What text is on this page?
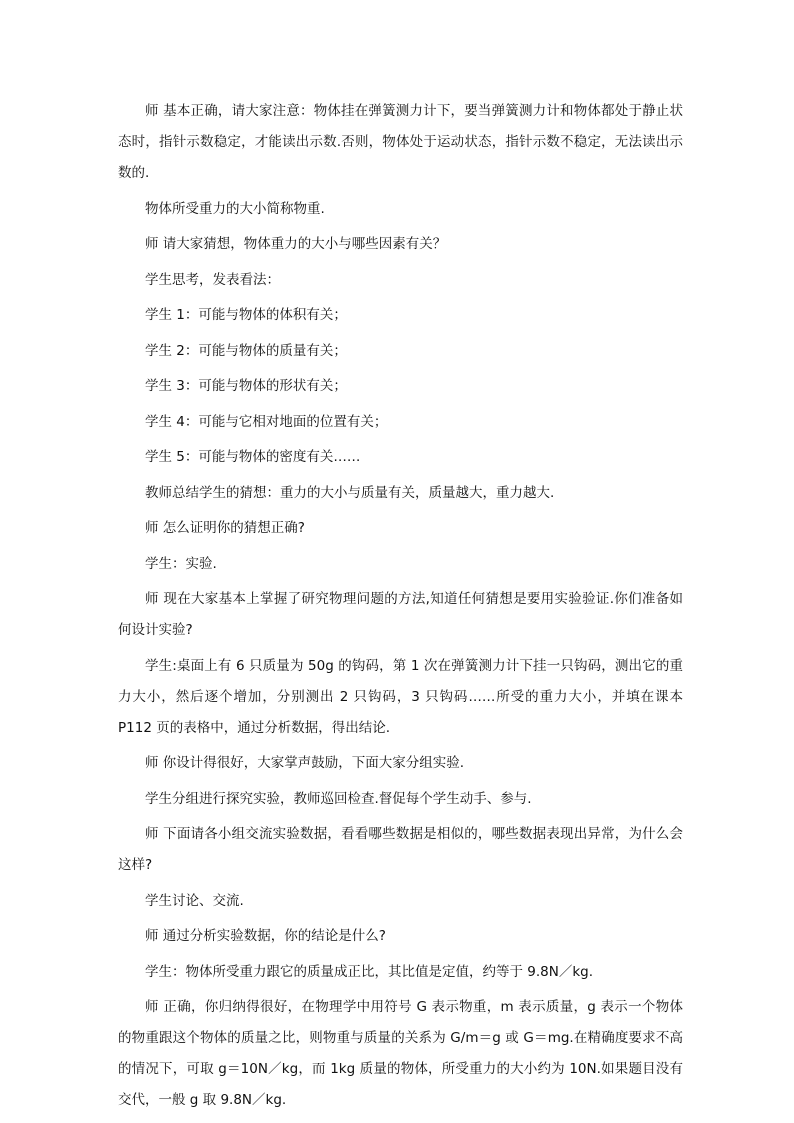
师 基本正确，请大家注意：物体挂在弹簧测力计下，要当弹簧测力计和物体都处于静止状态时，指针示数稳定，才能读出示数.否则，物体处于运动状态，指针示数不稳定，无法读出示数的.

物体所受重力的大小简称物重.

师 请大家猜想，物体重力的大小与哪些因素有关？

学生思考，发表看法：

学生 1：可能与物体的体积有关；

学生 2：可能与物体的质量有关；

学生 3：可能与物体的形状有关；

学生 4：可能与它相对地面的位置有关；

学生 5：可能与物体的密度有关……

教师总结学生的猜想：重力的大小与质量有关，质量越大，重力越大.

师 怎么证明你的猜想正确?

学生：实验.

师 现在大家基本上掌握了研究物理问题的方法,知道任何猜想是要用实验验证.你们准备如何设计实验?

学生:桌面上有 6 只质量为 50g 的钩码，第 1 次在弹簧测力计下挂一只钩码，测出它的重力大小，然后逐个增加，分别测出 2 只钩码，3 只钩码……所受的重力大小，并填在课本 P112 页的表格中，通过分析数据，得出结论.

师 你设计得很好，大家掌声鼓励，下面大家分组实验.

学生分组进行探究实验，教师巡回检查.督促每个学生动手、参与.

师 下面请各小组交流实验数据，看看哪些数据是相似的，哪些数据表现出异常，为什么会这样?

学生讨论、交流.

师 通过分析实验数据，你的结论是什么?

学生：物体所受重力跟它的质量成正比，其比值是定值，约等于 9.8N／kg.

师 正确，你归纳得很好，在物理学中用符号 G 表示物重，m 表示质量，g 表示一个物体的物重跟这个物体的质量之比，则物重与质量的关系为 G/m＝g 或 G＝mg.在精确度要求不高的情况下，可取 g＝10N／kg，而 1kg 质量的物体，所受重力的大小约为 10N.如果题目没有交代，一般 g 取 9.8N／kg.
